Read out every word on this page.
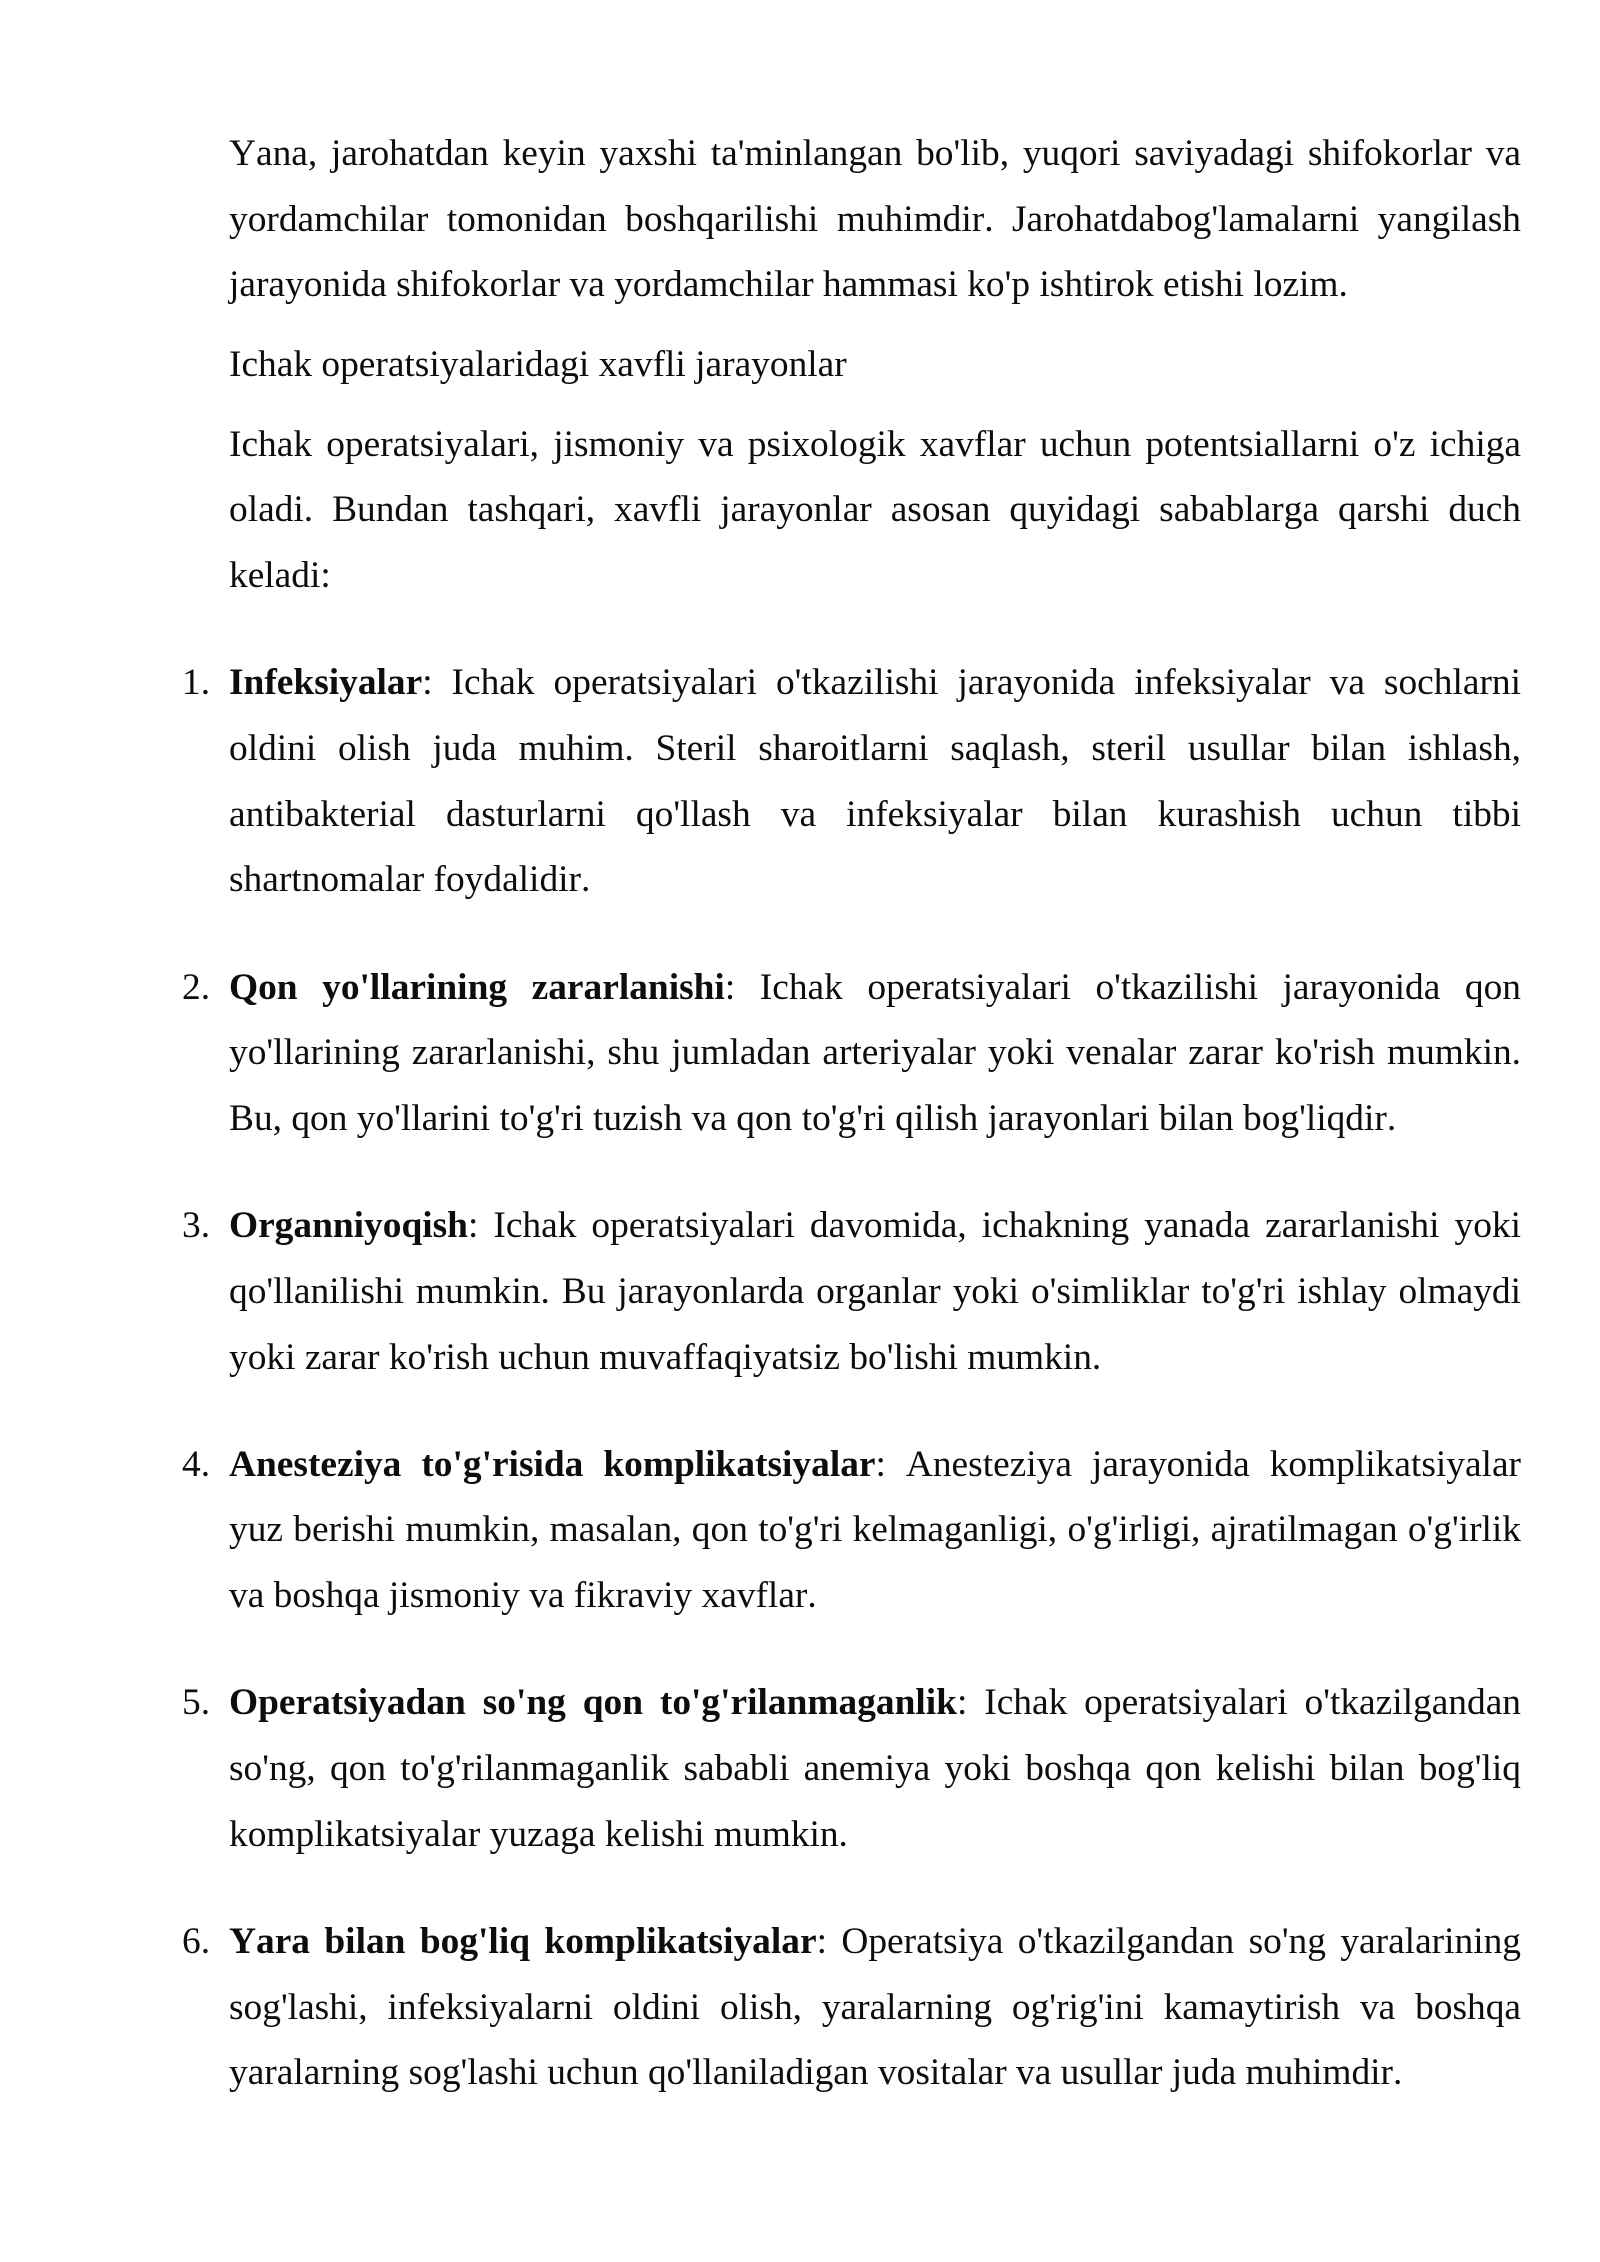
Yana, jarohatdan keyin yaxshi ta'minlangan bo'lib, yuqori saviyadagi shifokorlar va
yordamchilar tomonidan boshqarilishi muhimdir. Jarohatdabog'lamalarni yangilash
jarayonida shifokorlar va yordamchilar hammasi ko'p ishtirok etishi lozim.
Ichak operatsiyalaridagi xavfli jarayonlar
Ichak operatsiyalari, jismoniy va psixologik xavflar uchun potentsiallarni o'z ichiga
oladi. Bundan tashqari, xavfli jarayonlar asosan quyidagi sabablarga qarshi duch
keladi:
1. Infeksiyalar: Ichak operatsiyalari o'tkazilishi jarayonida infeksiyalar va sochlarni
oldini olish juda muhim. Steril sharoitlarni saqlash, steril usullar bilan ishlash,
antibakterial dasturlarni qo'llash va infeksiyalar bilan kurashish uchun tibbi
shartnomalar foydalidir.
2. Qon yo'llarining zararlanishi: Ichak operatsiyalari o'tkazilishi jarayonida qon
yo'llarining zararlanishi, shu jumladan arteriyalar yoki venalar zarar ko'rish mumkin.
Bu, qon yo'llarini to'g'ri tuzish va qon to'g'ri qilish jarayonlari bilan bog'liqdir.
3. Organniyoqish: Ichak operatsiyalari davomida, ichakning yanada zararlanishi yoki
qo'llanilishi mumkin. Bu jarayonlarda organlar yoki o'simliklar to'g'ri ishlay olmaydi
yoki zarar ko'rish uchun muvaffaqiyatsiz bo'lishi mumkin.
4. Anesteziya to'g'risida komplikatsiyalar: Anesteziya jarayonida komplikatsiyalar
yuz berishi mumkin, masalan, qon to'g'ri kelmaganligi, o'g'irligi, ajratilmagan o'g'irlik
va boshqa jismoniy va fikraviy xavflar.
5. Operatsiyadan so'ng qon to'g'rilanmaganlik: Ichak operatsiyalari o'tkazilgandan
so'ng, qon to'g'rilanmaganlik sababli anemiya yoki boshqa qon kelishi bilan bog'liq
komplikatsiyalar yuzaga kelishi mumkin.
6. Yara bilan bog'liq komplikatsiyalar: Operatsiya o'tkazilgandan so'ng yaralarining
sog'lashi, infeksiyalarni oldini olish, yaralarning og'rig'ini kamaytirish va boshqa
yaralarning sog'lashi uchun qo'llaniladigan vositalar va usullar juda muhimdir.
